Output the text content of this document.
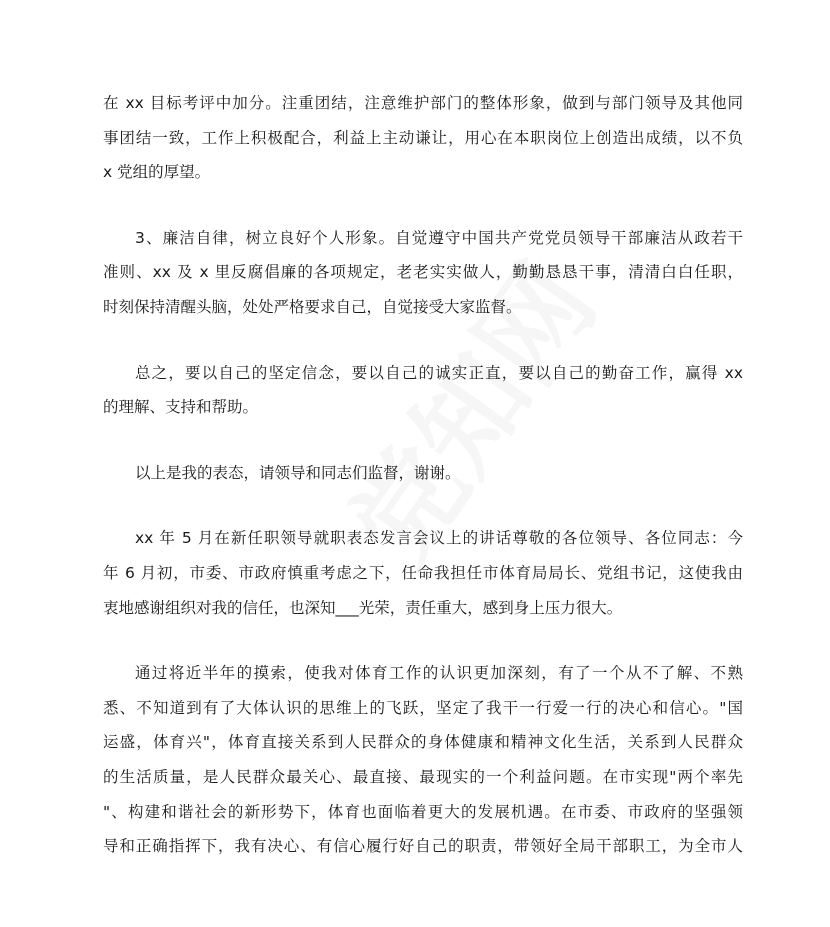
在 xx 目标考评中加分。注重团结，注意维护部门的整体形象，做到与部门领导及其他同
事团结一致，工作上积极配合，利益上主动谦让，用心在本职岗位上创造出成绩，以不负
x 党组的厚望。
3、廉洁自律，树立良好个人形象。自觉遵守中国共产党党员领导干部廉洁从政若干
准则、xx 及 x 里反腐倡廉的各项规定，老老实实做人，勤勤恳恳干事，清清白白任职，
时刻保持清醒头脑，处处严格要求自己，自觉接受大家监督。
总之，要以自己的坚定信念，要以自己的诚实正直，要以自己的勤奋工作，赢得 xx
的理解、支持和帮助。
以上是我的表态，请领导和同志们监督，谢谢。
xx 年 5 月在新任职领导就职表态发言会议上的讲话尊敬的各位领导、各位同志：今
年 6 月初，市委、市政府慎重考虑之下，任命我担任市体育局局长、党组书记，这使我由
衷地感谢组织对我的信任，也深知___光荣，责任重大，感到身上压力很大。
通过将近半年的摸索，使我对体育工作的认识更加深刻，有了一个从不了解、不熟
悉、不知道到有了大体认识的思维上的飞跃，坚定了我干一行爱一行的决心和信心。"国
运盛，体育兴"，体育直接关系到人民群众的身体健康和精神文化生活，关系到人民群众
的生活质量，是人民群众最关心、最直接、最现实的一个利益问题。在市实现"两个率先
"、构建和谐社会的新形势下，体育也面临着更大的发展机遇。在市委、市政府的坚强领
导和正确指挥下，我有决心、有信心履行好自己的职责，带领好全局干部职工，为全市人
